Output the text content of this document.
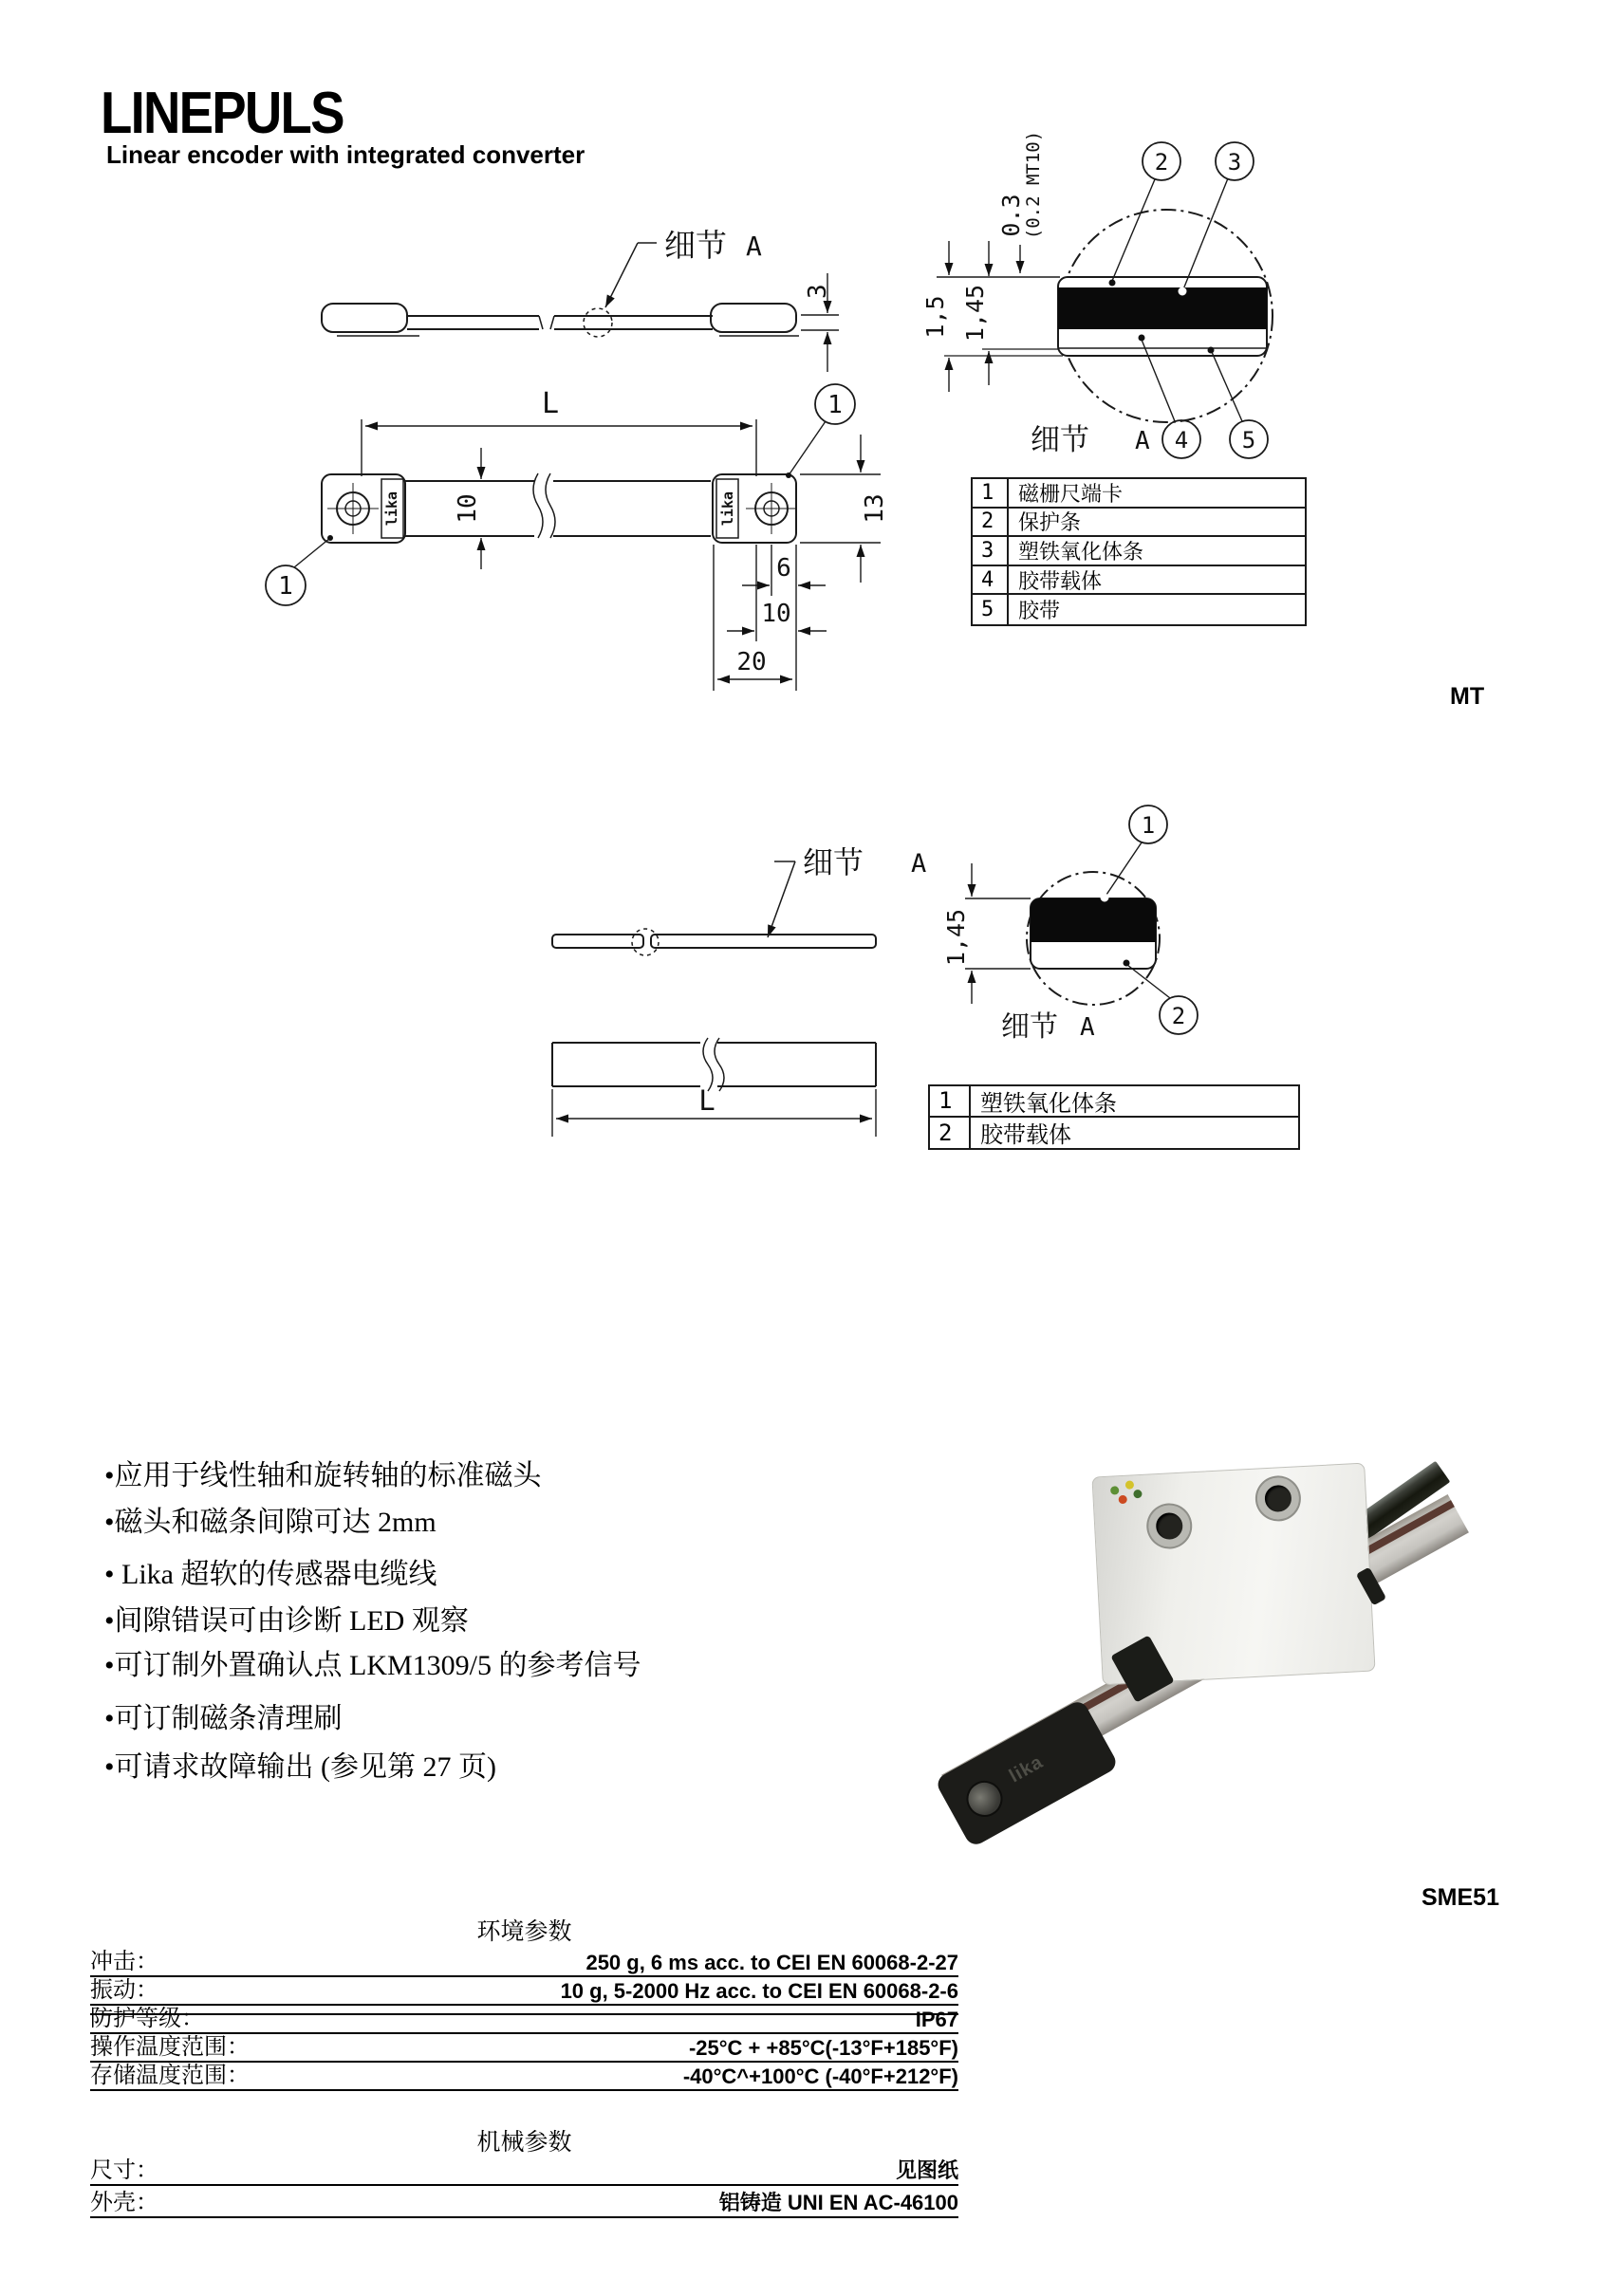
LINEPULS
Linear encoder with integrated converter
细节 A
3
L
lika	lika
10
1
1
13
6
10
20
2	3
4 5
0.3
(0.2 MT10)
1,5 1,45
细节 A
1	磁栅尺端卡
2	保护条
3	塑铁氧化体条
4	胶带载体
5	胶带
MT
细节 A
1
2
1,45
细节 A
L	1	塑铁氧化体条
2	胶带载体
•应用于线性轴和旋转轴的标准磁头
•磁头和磁条间隙可达 2mm
• Lika 超软的传感器电缆线
•间隙错误可由诊断 LED 观察
•可订制外置确认点 LKM1309/5 的参考信号
•可订制磁条清理刷
•可请求故障输出 (参见第 27 页)	lika
SME51
环境参数
冲击：	250 g, 6 ms acc. to CEI EN 60068-2-27
振动：	10 g, 5-2000 Hz acc. to CEI EN 60068-2-6
防护等级：	IP67
操作温度范围：	-25°C + +85°C(-13°F+185°F)
存储温度范围：	-40°C^+100°C (-40°F+212°F)
机械参数
尺寸：	见图纸
外壳：	铝铸造 UNI EN AC-46100
